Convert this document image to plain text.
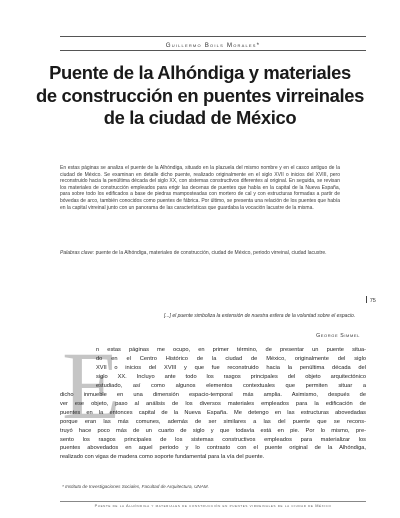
Guillermo Boils Morales*
Puente de la Alhóndiga y materiales
de construcción en puentes virreinales
de la ciudad de México

En estas páginas se analiza el puente de la Alhóndiga, situado en la plazuela del mismo nombre y en el casco antiguo de la ciudad de México. Se examinan en detalle dicho puente, realizado originalmente en el siglo XVII o inicios del XVIII, pero reconstruido hacia la penúltima década del siglo XX, con sistemas constructivos diferentes al original. En seguida, se revisan los materiales de construcción empleados para erigir las decenas de puentes que había en la capital de la Nueva España, para sobre todo los edificados a base de piedras mamposteadas con mortero de cal y con estructuras formadas a partir de bóvedas de arco, también conocidos como puentes de fábrica. Por último, se presenta una relación de los puentes que había en la capital virreinal junto con un panorama de las características que guardaba la vocación lacustre de la misma.

Palabras clave: puente de la Alhóndiga, materiales de construcción, ciudad de México, periodo virreinal, ciudad lacustre.

75

[...] el puente simboliza la extensión de nuestra esfera de la voluntad sobre el espacio.

George Simmel
E
n estas páginas me ocupo, en primer término, de presentar un puente situa-
do en el Centro Histórico de la ciudad de México, originalmente del siglo
XVII o inicios del XVIII y que fue reconstruido hacia la penúltima década del
siglo XX. Incluyo ante todo los rasgos principales del objeto arquitectónico
estudiado, así como algunos elementos contextuales que permiten situar a
dicho inmueble en una dimensión espacio-temporal más amplia. Asimismo, después de
ver ese objeto, paso al análisis de los diversos materiales empleados para la edificación de
puentes en la entonces capital de la Nueva España. Me detengo en las estructuras abovedadas
porque eran las más comunes, además de ser similares a las del puente que se recons-
truyó hace poco más de un cuarto de siglo y que todavía está en pie. Por lo mismo, pre-
sento los rasgos principales de los sistemas constructivos empleados para materializar los
puentes abovedados en aquel periodo y lo contrasto con el puente original de la Alhóndiga,
realizado con vigas de madera como soporte fundamental para la vía del puente.

* Instituto de Investigaciones Sociales, Facultad de Arquitectura, UNAM.

Puente de la Alhóndiga y materiales de construcción en puentes virreinales de la ciudad de México
